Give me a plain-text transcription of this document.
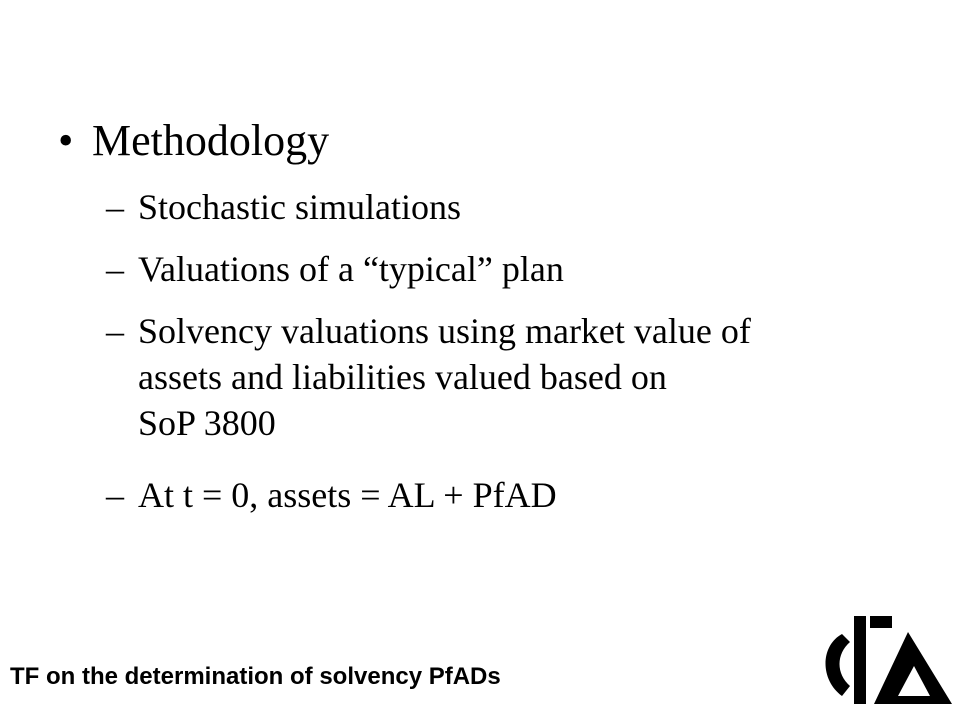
• Methodology
– Stochastic simulations
– Valuations of a “typical” plan
– Solvency valuations using market value of
assets and liabilities valued based on
SoP 3800
– At t = 0, assets = AL + PfAD
TF on the determination of solvency PfADs
